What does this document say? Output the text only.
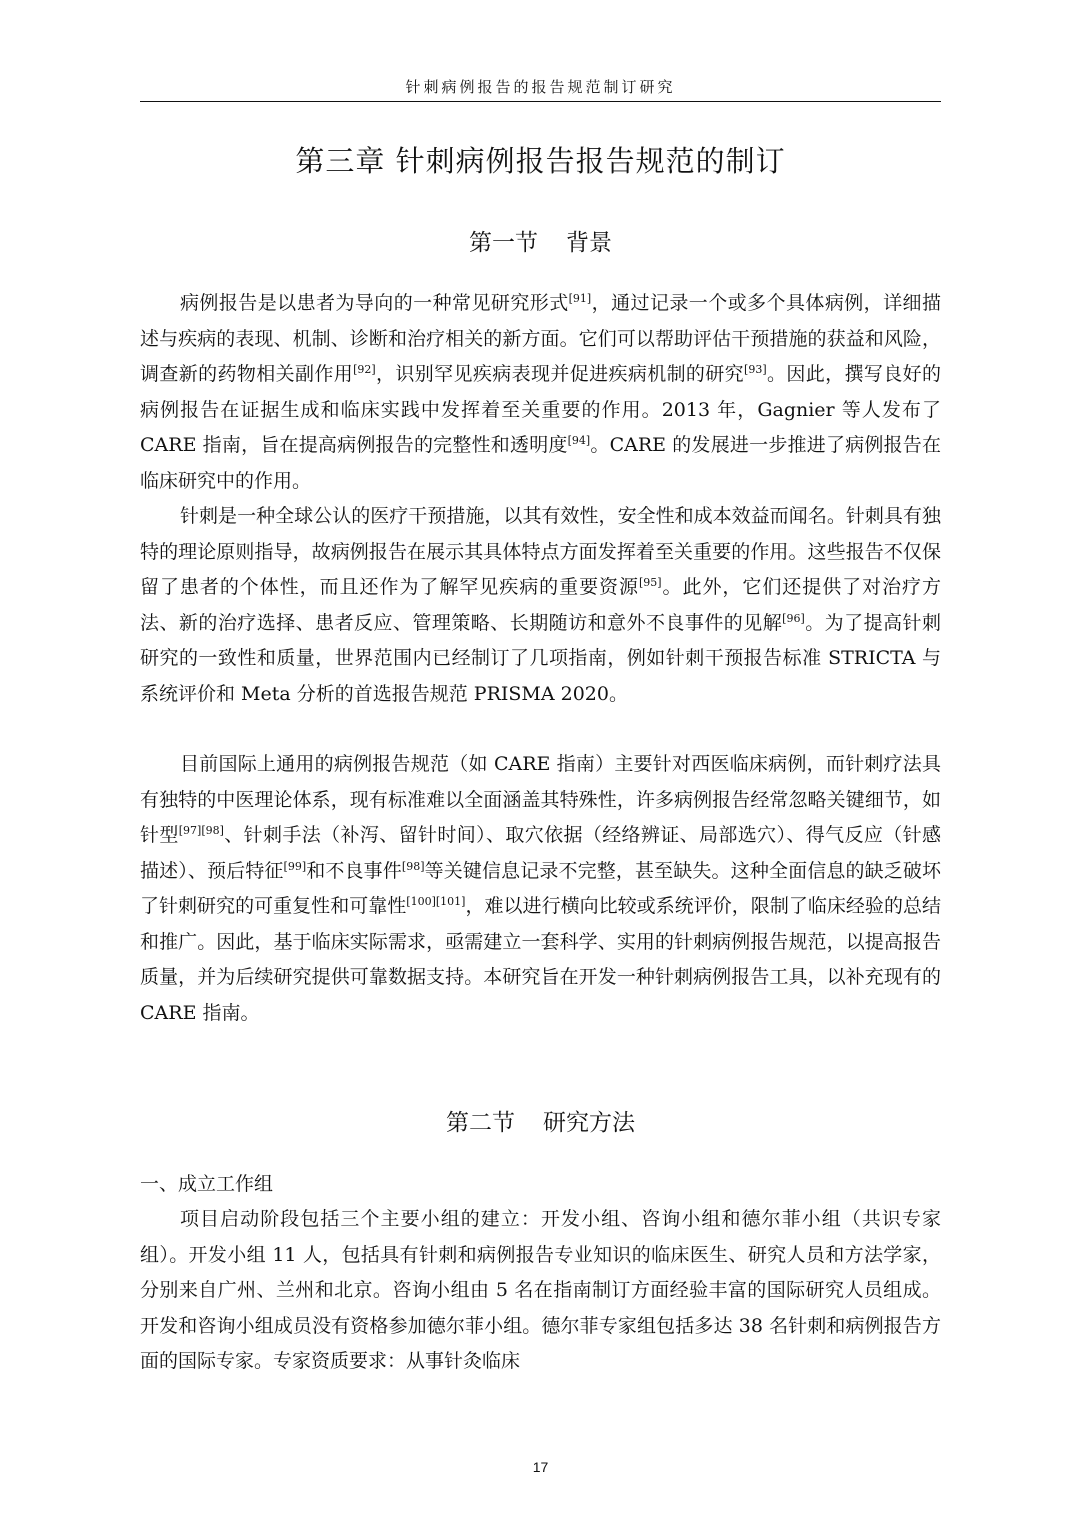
针刺病例报告的报告规范制订研究
第三章 针刺病例报告报告规范的制订
第一节 背景

病例报告是以患者为导向的一种常见研究形式[91]，通过记录一个或多个具体病例，详细描述与疾病的表现、机制、诊断和治疗相关的新方面。它们可以帮助评估干预措施的获益和风险，调查新的药物相关副作用[92]，识别罕见疾病表现并促进疾病机制的研究[93]。因此，撰写良好的病例报告在证据生成和临床实践中发挥着至关重要的作用。2013 年，Gagnier 等人发布了 CARE 指南，旨在提高病例报告的完整性和透明度[94]。CARE 的发展进一步推进了病例报告在临床研究中的作用。

针刺是一种全球公认的医疗干预措施，以其有效性，安全性和成本效益而闻名。针刺具有独特的理论原则指导，故病例报告在展示其具体特点方面发挥着至关重要的作用。这些报告不仅保留了患者的个体性，而且还作为了解罕见疾病的重要资源[95]。此外，它们还提供了对治疗方法、新的治疗选择、患者反应、管理策略、长期随访和意外不良事件的见解[96]。为了提高针刺研究的一致性和质量，世界范围内已经制订了几项指南，例如针刺干预报告标准 STRICTA 与系统评价和 Meta 分析的首选报告规范 PRISMA 2020。

目前国际上通用的病例报告规范（如 CARE 指南）主要针对西医临床病例，而针刺疗法具有独特的中医理论体系，现有标准难以全面涵盖其特殊性，许多病例报告经常忽略关键细节，如针型[97][98]、针刺手法（补泻、留针时间）、取穴依据（经络辨证、局部选穴）、得气反应（针感描述）、预后特征[99]和不良事件[98]等关键信息记录不完整，甚至缺失。这种全面信息的缺乏破坏了针刺研究的可重复性和可靠性[100][101]，难以进行横向比较或系统评价，限制了临床经验的总结和推广。因此，基于临床实际需求，亟需建立一套科学、实用的针刺病例报告规范，以提高报告质量，并为后续研究提供可靠数据支持。本研究旨在开发一种针刺病例报告工具，以补充现有的 CARE 指南。

第二节 研究方法
一、成立工作组

项目启动阶段包括三个主要小组的建立：开发小组、咨询小组和德尔菲小组（共识专家组）。开发小组 11 人，包括具有针刺和病例报告专业知识的临床医生、研究人员和方法学家，分别来自广州、兰州和北京。咨询小组由 5 名在指南制订方面经验丰富的国际研究人员组成。开发和咨询小组成员没有资格参加德尔菲小组。德尔菲专家组包括多达 38 名针刺和病例报告方面的国际专家。专家资质要求：从事针灸临床

17
